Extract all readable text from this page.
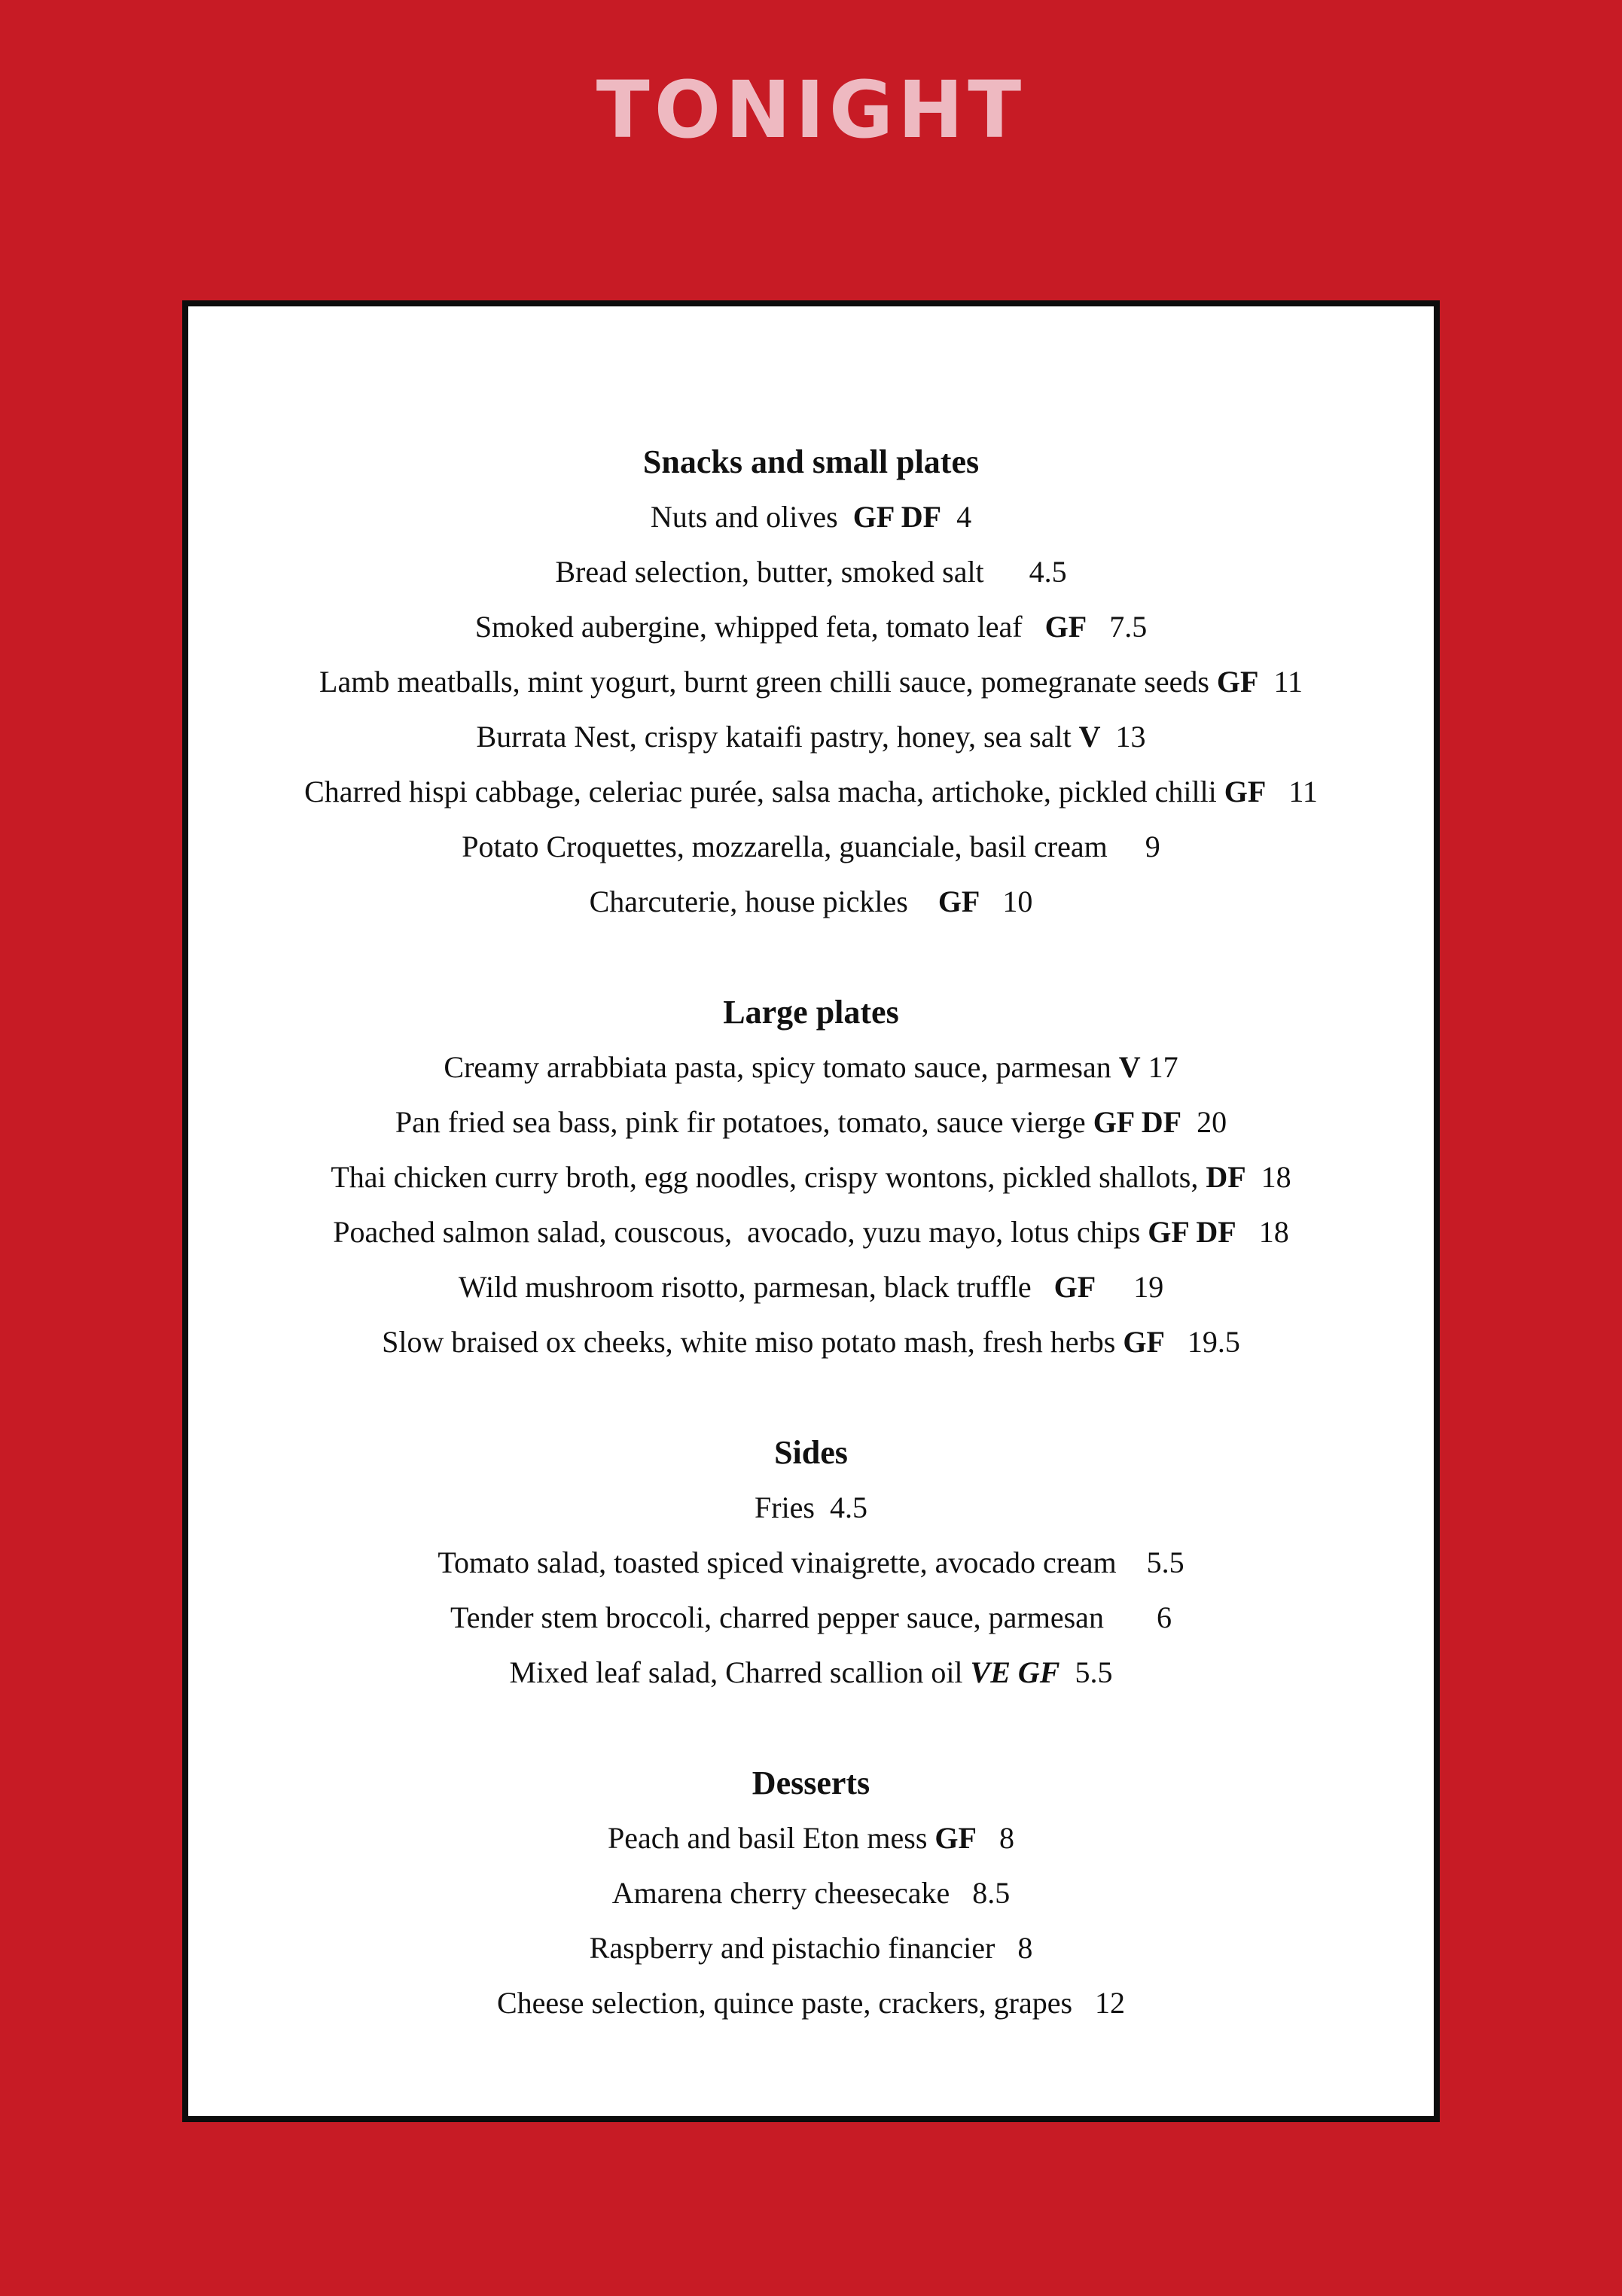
TONIGHT
Snacks and small plates
Nuts and olives  GF DF  4
Bread selection, butter, smoked salt      4.5
Smoked aubergine, whipped feta, tomato leaf   GF   7.5
Lamb meatballs, mint yogurt, burnt green chilli sauce, pomegranate seeds GF  11
Burrata Nest, crispy kataifi pastry, honey, sea salt V  13
Charred hispi cabbage, celeriac purée, salsa macha, artichoke, pickled chilli GF   11
Potato Croquettes, mozzarella, guanciale, basil cream     9
Charcuterie, house pickles    GF   10
Large plates
Creamy arrabbiata pasta, spicy tomato sauce, parmesan V 17
Pan fried sea bass, pink fir potatoes, tomato, sauce vierge GF DF  20
Thai chicken curry broth, egg noodles, crispy wontons, pickled shallots, DF  18
Poached salmon salad, couscous,  avocado, yuzu mayo, lotus chips GF DF   18
Wild mushroom risotto, parmesan, black truffle   GF     19
Slow braised ox cheeks, white miso potato mash, fresh herbs GF   19.5
Sides
Fries  4.5
Tomato salad, toasted spiced vinaigrette, avocado cream    5.5
Tender stem broccoli, charred pepper sauce, parmesan       6
Mixed leaf salad, Charred scallion oil VE GF  5.5
Desserts
Peach and basil Eton mess GF   8
Amarena cherry cheesecake   8.5
Raspberry and pistachio financier   8
Cheese selection, quince paste, crackers, grapes   12
